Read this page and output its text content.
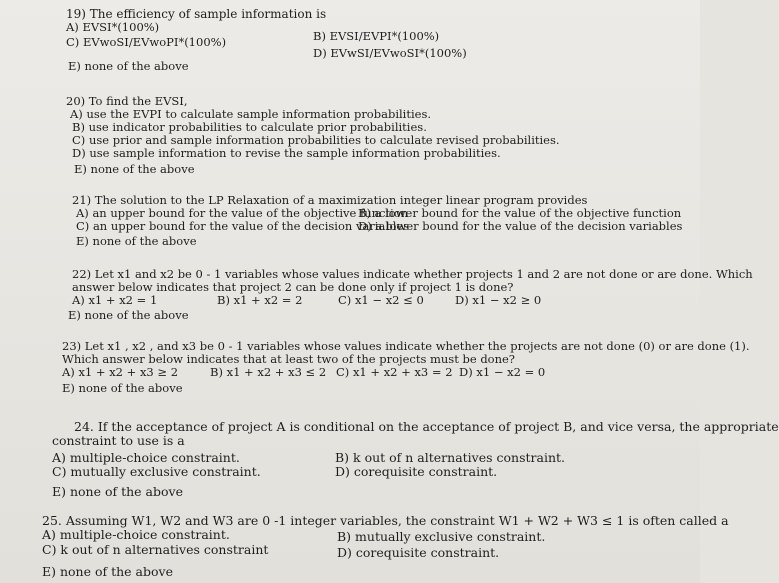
19) The efficiency of sample information is
A) EVSI*(100%)
C) EVwoSI/EVwoPI*(100%)	B) EVSI/EVPI*(100%)
D) EVwSI/EVwoSI*(100%)
E) none of the above
20) To find the EVSI,
A) use the EVPI to calculate sample information probabilities.
B) use indicator probabilities to calculate prior probabilities.
C) use prior and sample information probabilities to calculate revised probabilities.
D) use sample information to revise the sample information probabilities.
E) none of the above
21) The solution to the LP Relaxation of a maximization integer linear program provides
A) an upper bound for the value of the objective function
B) a lower bound for the value of the objective function
C) an upper bound for the value of the decision variables
D) a lower bound for the value of the decision variables
E) none of the above
22) Let x1 and x2 be 0 - 1 variables whose values indicate whether projects 1 and 2 are not done or are done. Which
answer below indicates that project 2 can be done only if project 1 is done?
A) x1 + x2 = 1	B) x1 + x2 = 2	C) x1 − x2 ≤ 0	D) x1 − x2 ≥ 0
E) none of the above
23) Let x1 , x2 , and x3 be 0 - 1 variables whose values indicate whether the projects are not done (0) or are done (1).
Which answer below indicates that at least two of the projects must be done?
A) x1 + x2 + x3 ≥ 2	B) x1 + x2 + x3 ≤ 2 C) x1 + x2 + x3 = 2 D) x1 − x2 = 0
E) none of the above
24. If the acceptance of project A is conditional on the acceptance of project B, and vice versa, the appropriate
constraint to use is a
A) multiple-choice constraint.	B) k out of n alternatives constraint.
C) mutually exclusive constraint.	D) corequisite constraint.
E) none of the above
25. Assuming W1, W2 and W3 are 0 -1 integer variables, the constraint W1 + W2 + W3 ≤ 1 is often called a
A) multiple-choice constraint.	B) mutually exclusive constraint.
C) k out of n alternatives constraint	D) corequisite constraint.
E) none of the above
